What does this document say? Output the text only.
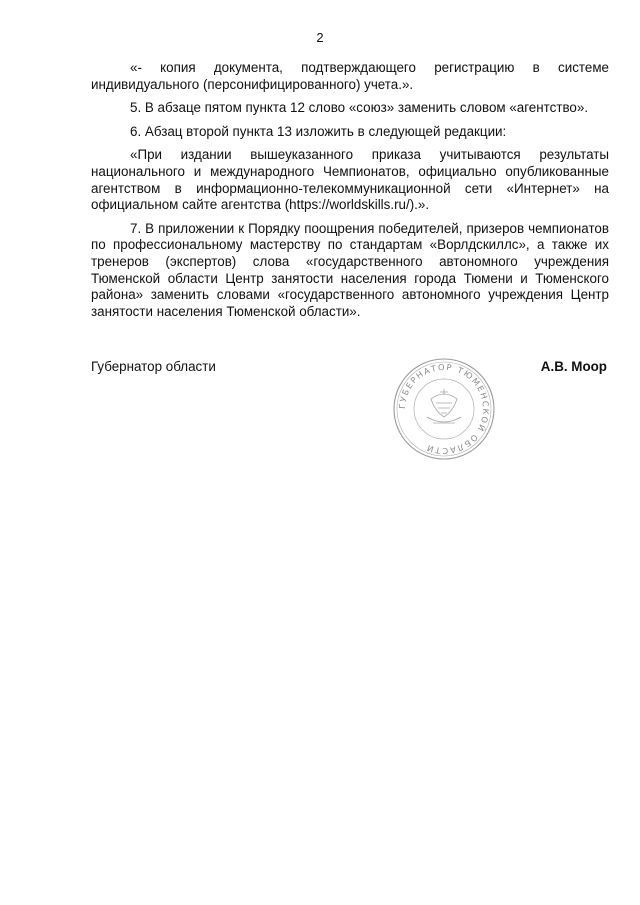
2

«- копия документа, подтверждающего регистрацию в системе индивидуального (персонифицированного) учета.».

5. В абзаце пятом пункта 12 слово «союз» заменить словом «агентство».

6. Абзац второй пункта 13 изложить в следующей редакции:

«При издании вышеуказанного приказа учитываются результаты национального и международного Чемпионатов, официально опубликованные агентством в информационно-телекоммуникационной сети «Интернет» на официальном сайте агентства (https://worldskills.ru/).».

7. В приложении к Порядку поощрения победителей, призеров чемпионатов по профессиональному мастерству по стандартам «Ворлдскиллс», а также их тренеров (экспертов) слова «государственного автономного учреждения Тюменской области Центр занятости населения города Тюмени и Тюменского района» заменить словами «государственного автономного учреждения Центр занятости населения Тюменской области».

Губернатор области	А.В. Моор
ГУБЕРНАТОР ТЮМЕНСКОЙ ОБЛАСТИ
